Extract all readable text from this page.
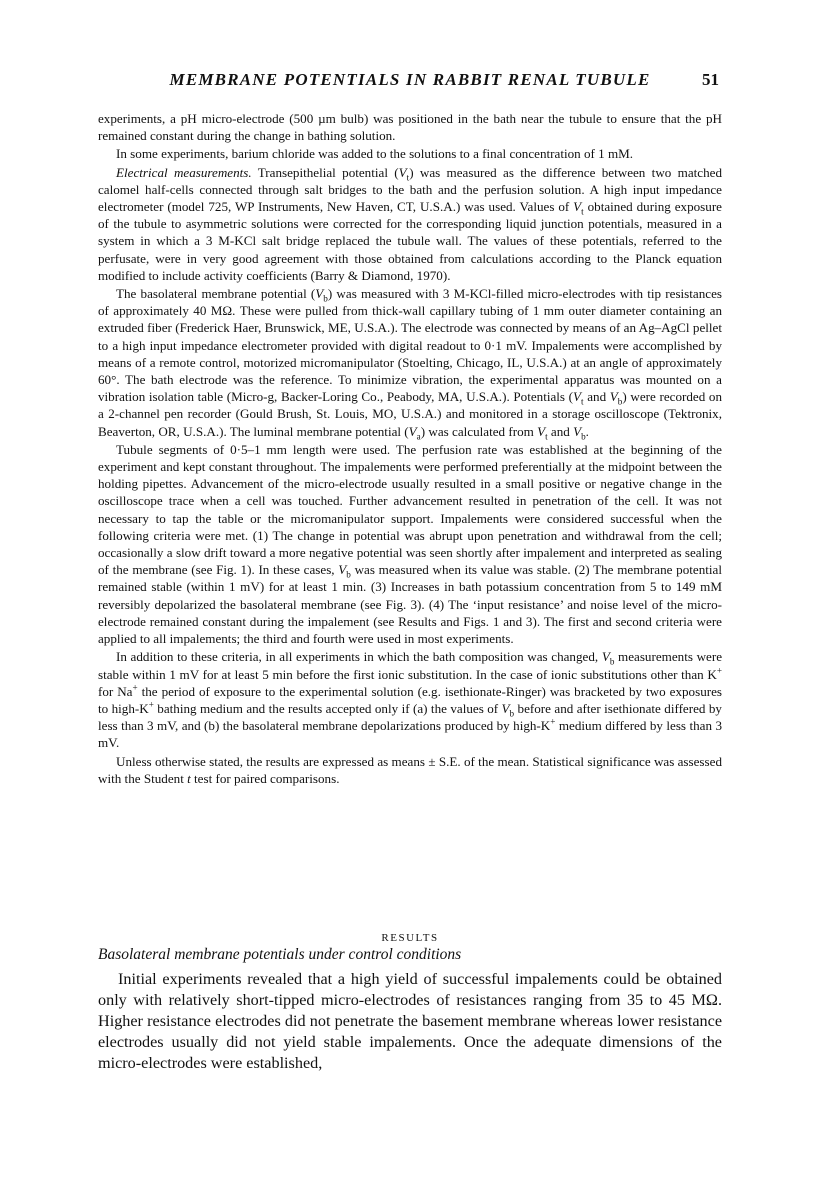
MEMBRANE POTENTIALS IN RABBIT RENAL TUBULE	51

experiments, a pH micro-electrode (500 µm bulb) was positioned in the bath near the tubule to ensure that the pH remained constant during the change in bathing solution.

In some experiments, barium chloride was added to the solutions to a final concentration of 1 mM.

Electrical measurements. Transepithelial potential $(V_t)$ was measured as the difference between two matched calomel half-cells connected through salt bridges to the bath and the perfusion solution. A high input impedance electrometer (model 725, WP Instruments, New Haven, CT, U.S.A.) was used. Values of $V_t$ obtained during exposure of the tubule to asymmetric solutions were corrected for the corresponding liquid junction potentials, measured in a system in which a 3 M-KCl salt bridge replaced the tubule wall. The values of these potentials, referred to the perfusate, were in very good agreement with those obtained from calculations according to the Planck equation modified to include activity coefficients (Barry & Diamond, 1970).

The basolateral membrane potential $(V_b)$ was measured with 3 M-KCl-filled micro-electrodes with tip resistances of approximately 40 MΩ. These were pulled from thick-wall capillary tubing of 1 mm outer diameter containing an extruded fiber (Frederick Haer, Brunswick, ME, U.S.A.). The electrode was connected by means of an Ag–AgCl pellet to a high input impedance electrometer provided with digital readout to 0·1 mV. Impalements were accomplished by means of a remote control, motorized micromanipulator (Stoelting, Chicago, IL, U.S.A.) at an angle of approximately 60°. The bath electrode was the reference. To minimize vibration, the experimental apparatus was mounted on a vibration isolation table (Micro-g, Backer-Loring Co., Peabody, MA, U.S.A.). Potentials ($V_t$ and $V_b$) were recorded on a 2-channel pen recorder (Gould Brush, St. Louis, MO, U.S.A.) and monitored in a storage oscilloscope (Tektronix, Beaverton, OR, U.S.A.). The luminal membrane potential $(V_a)$ was calculated from $V_t$ and $V_b$.

Tubule segments of 0·5–1 mm length were used. The perfusion rate was established at the beginning of the experiment and kept constant throughout. The impalements were performed preferentially at the midpoint between the holding pipettes. Advancement of the micro-electrode usually resulted in a small positive or negative change in the oscilloscope trace when a cell was touched. Further advancement resulted in penetration of the cell. It was not necessary to tap the table or the micromanipulator support. Impalements were considered successful when the following criteria were met. (1) The change in potential was abrupt upon penetration and withdrawal from the cell; occasionally a slow drift toward a more negative potential was seen shortly after impalement and interpreted as sealing of the membrane (see Fig. 1). In these cases, $V_b$ was measured when its value was stable. (2) The membrane potential remained stable (within 1 mV) for at least 1 min. (3) Increases in bath potassium concentration from 5 to 149 mM reversibly depolarized the basolateral membrane (see Fig. 3). (4) The ‘input resistance’ and noise level of the micro-electrode remained constant during the impalement (see Results and Figs. 1 and 3). The first and second criteria were applied to all impalements; the third and fourth were used in most experiments.

In addition to these criteria, in all experiments in which the bath composition was changed, $V_b$ measurements were stable within 1 mV for at least 5 min before the first ionic substitution. In the case of ionic substitutions other than K+ for Na+ the period of exposure to the experimental solution (e.g. isethionate-Ringer) was bracketed by two exposures to high-K+ bathing medium and the results accepted only if (a) the values of $V_b$ before and after isethionate differed by less than 3 mV, and (b) the basolateral membrane depolarizations produced by high-K+ medium differed by less than 3 mV.

Unless otherwise stated, the results are expressed as means ± S.E. of the mean. Statistical significance was assessed with the Student t test for paired comparisons.

RESULTS
Basolateral membrane potentials under control conditions

Initial experiments revealed that a high yield of successful impalements could be obtained only with relatively short-tipped micro-electrodes of resistances ranging from 35 to 45 MΩ. Higher resistance electrodes did not penetrate the basement membrane whereas lower resistance electrodes usually did not yield stable impalements. Once the adequate dimensions of the micro-electrodes were established,
